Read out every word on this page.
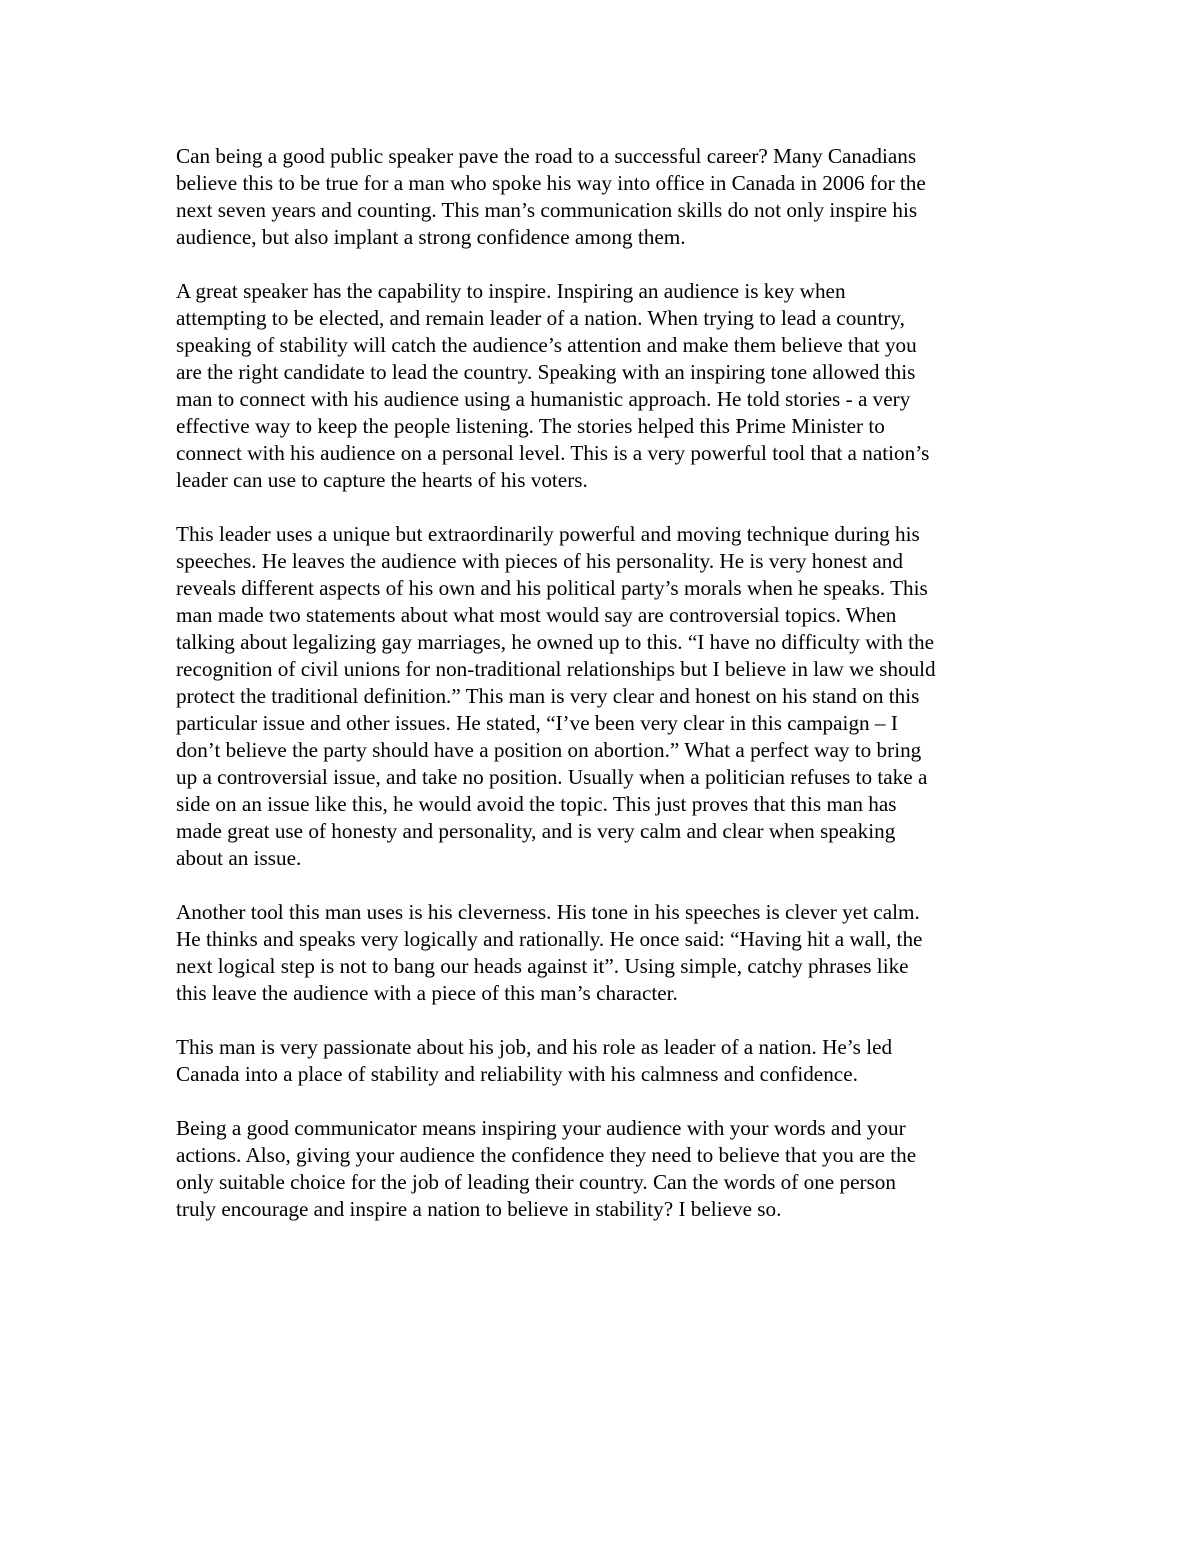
Can being a good public speaker pave the road to a successful career? Many Canadians
believe this to be true for a man who spoke his way into office in Canada in 2006 for the
next seven years and counting. This man’s communication skills do not only inspire his
audience, but also implant a strong confidence among them.

A great speaker has the capability to inspire. Inspiring an audience is key when
attempting to be elected, and remain leader of a nation. When trying to lead a country,
speaking of stability will catch the audience’s attention and make them believe that you
are the right candidate to lead the country. Speaking with an inspiring tone allowed this
man to connect with his audience using a humanistic approach. He told stories - a very
effective way to keep the people listening. The stories helped this Prime Minister to
connect with his audience on a personal level. This is a very powerful tool that a nation’s
leader can use to capture the hearts of his voters.

This leader uses a unique but extraordinarily powerful and moving technique during his
speeches. He leaves the audience with pieces of his personality. He is very honest and
reveals different aspects of his own and his political party’s morals when he speaks. This
man made two statements about what most would say are controversial topics. When
talking about legalizing gay marriages, he owned up to this. “I have no difficulty with the
recognition of civil unions for non-traditional relationships but I believe in law we should
protect the traditional definition.” This man is very clear and honest on his stand on this
particular issue and other issues. He stated, “I’ve been very clear in this campaign – I
don’t believe the party should have a position on abortion.” What a perfect way to bring
up a controversial issue, and take no position. Usually when a politician refuses to take a
side on an issue like this, he would avoid the topic. This just proves that this man has
made great use of honesty and personality, and is very calm and clear when speaking
about an issue.

Another tool this man uses is his cleverness. His tone in his speeches is clever yet calm.
He thinks and speaks very logically and rationally. He once said: “Having hit a wall, the
next logical step is not to bang our heads against it”. Using simple, catchy phrases like
this leave the audience with a piece of this man’s character.

This man is very passionate about his job, and his role as leader of a nation. He’s led
Canada into a place of stability and reliability with his calmness and confidence.

Being a good communicator means inspiring your audience with your words and your
actions. Also, giving your audience the confidence they need to believe that you are the
only suitable choice for the job of leading their country. Can the words of one person
truly encourage and inspire a nation to believe in stability? I believe so.
